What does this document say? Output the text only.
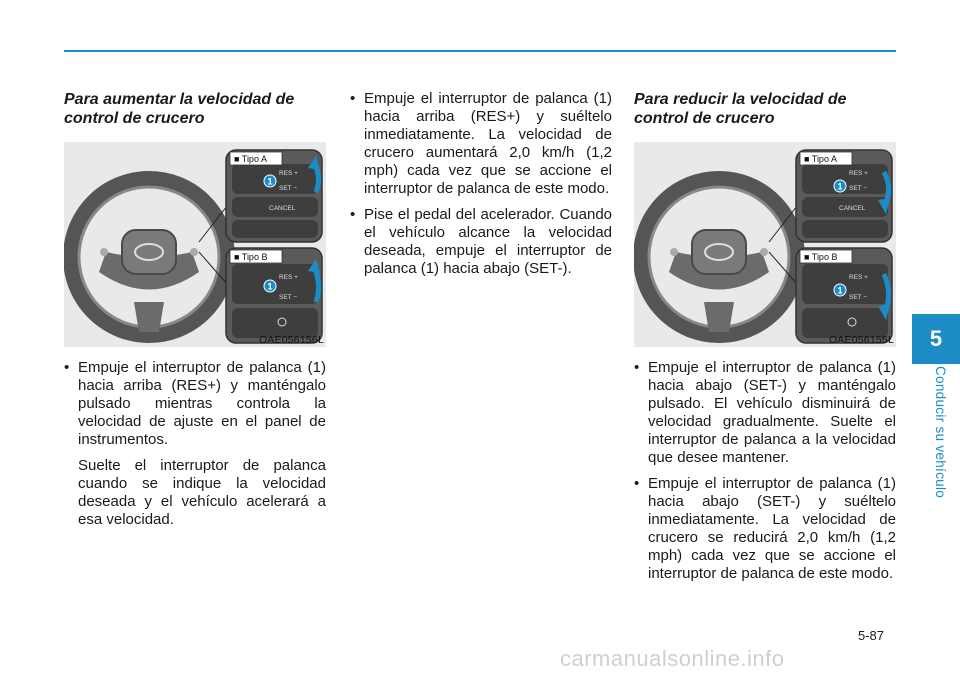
Para aumentar la velocidad de control de crucero
RES +
SET −
CANCEL
1
■ Tipo A
RES +
SET −
1
■ Tipo B
OAE056156L
• Empuje el interruptor de palanca (1) hacia arriba (RES+) y manténgalo pulsado mientras controla la velocidad de ajuste en el panel de instrumentos.
Suelte el interruptor de palanca cuando se indique la velocidad deseada y el vehículo acelerará a esa velocidad.
• Empuje el interruptor de palanca (1) hacia arriba (RES+) y suéltelo inmediatamente. La velocidad de crucero aumentará 2,0 km/h (1,2 mph) cada vez que se accione el interruptor de palanca de este modo.
• Pise el pedal del acelerador. Cuando el vehículo alcance la velocidad deseada, empuje el interruptor de palanca (1) hacia abajo (SET-).
Para reducir la velocidad de control de crucero
RES +
SET −
CANCEL
1
■ Tipo A
RES +
SET −
1
■ Tipo B
OAE056155L
• Empuje el interruptor de palanca (1) hacia abajo (SET-) y manténgalo pulsado. El vehículo disminuirá de velocidad gradualmente. Suelte el interruptor de palanca a la velocidad que desee mantener.
• Empuje el interruptor de palanca (1) hacia abajo (SET-) y suéltelo inmediatamente. La velocidad de crucero se reducirá 2,0 km/h (1,2 mph) cada vez que se accione el interruptor de palanca de este modo.
5
Conducir su vehículo
5-87
carmanualsonline.info
